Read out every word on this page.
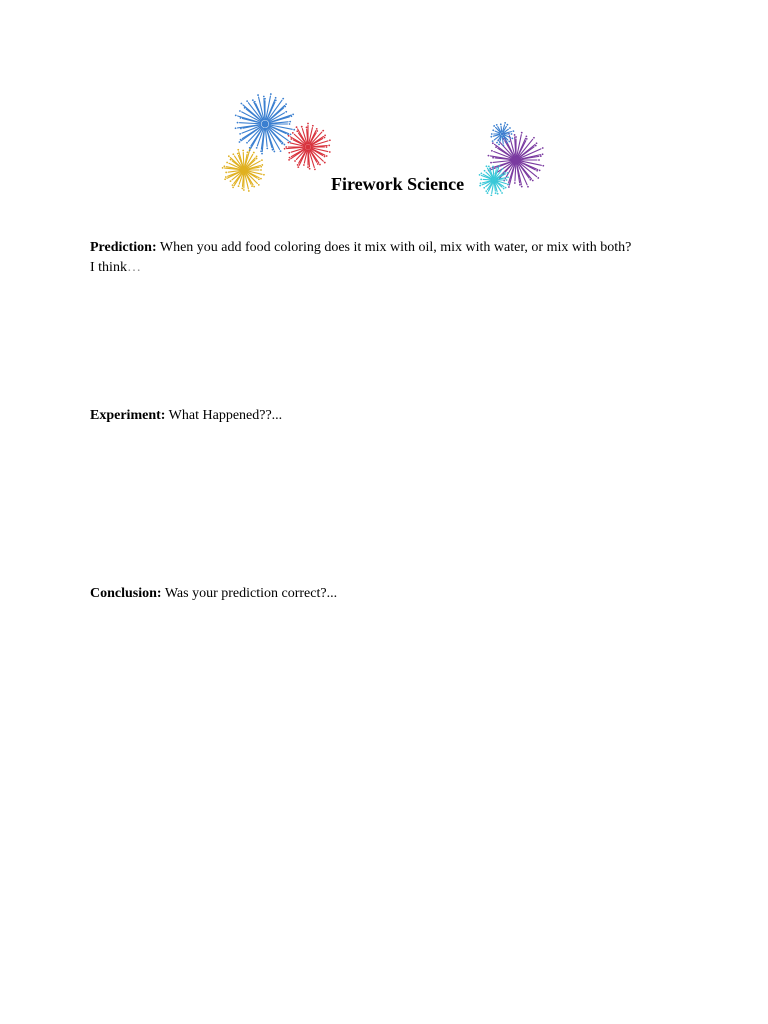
Firework Science
Prediction: When you add food coloring does it mix with oil, mix with water, or mix with both?
I think…
Experiment: What Happened??...
Conclusion: Was your prediction correct?...
